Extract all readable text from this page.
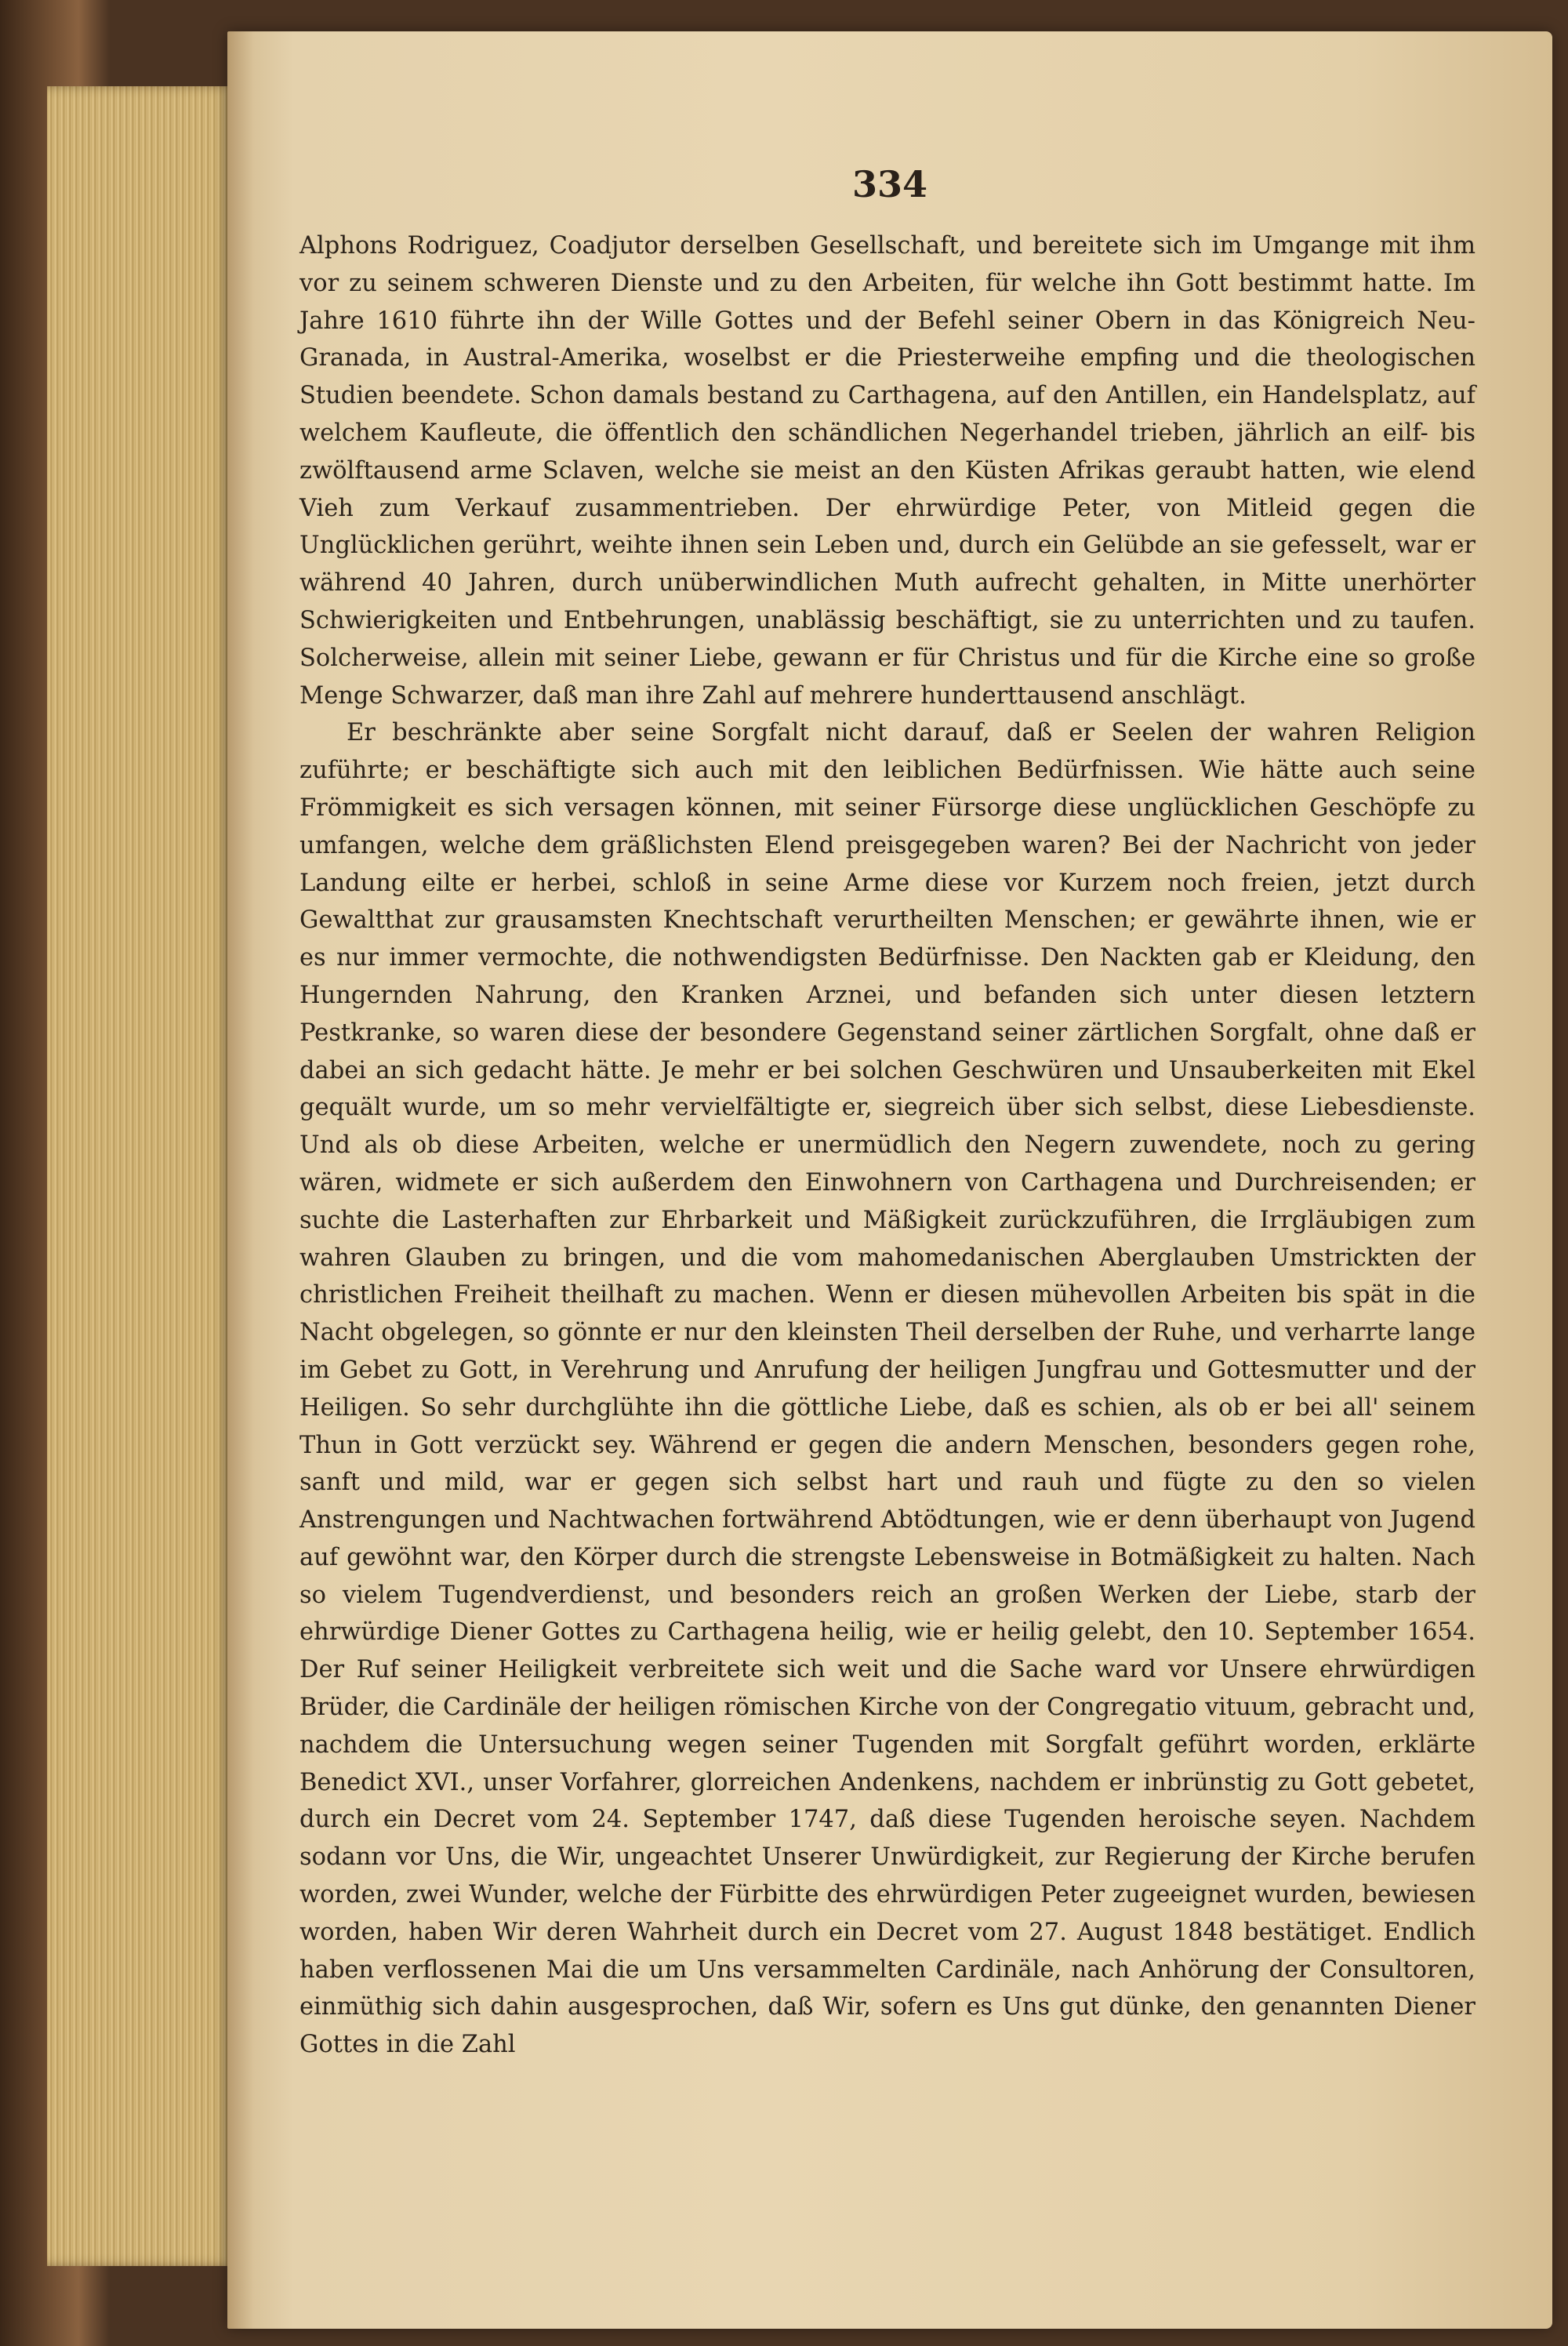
334

Alphons Rodriguez, Coadjutor derselben Gesellschaft, und bereitete sich im Umgange mit ihm vor zu seinem schweren Dienste und zu den Arbeiten, für welche ihn Gott bestimmt hatte. Im Jahre 1610 führte ihn der Wille Gottes und der Befehl seiner Obern in das Königreich Neu-Granada, in Austral-Amerika, woselbst er die Priesterweihe empfing und die theologischen Studien beendete. Schon damals bestand zu Carthagena, auf den Antillen, ein Handelsplatz, auf welchem Kaufleute, die öffentlich den schändlichen Negerhandel trieben, jährlich an eilf- bis zwölftausend arme Sclaven, welche sie meist an den Küsten Afrikas geraubt hatten, wie elend Vieh zum Verkauf zusammentrieben. Der ehrwürdige Peter, von Mitleid gegen die Unglücklichen gerührt, weihte ihnen sein Leben und, durch ein Gelübde an sie gefesselt, war er während 40 Jahren, durch unüberwindlichen Muth aufrecht gehalten, in Mitte unerhörter Schwierigkeiten und Entbehrungen, unablässig beschäftigt, sie zu unterrichten und zu taufen. Solcherweise, allein mit seiner Liebe, gewann er für Christus und für die Kirche eine so große Menge Schwarzer, daß man ihre Zahl auf mehrere hunderttausend anschlägt.

Er beschränkte aber seine Sorgfalt nicht darauf, daß er Seelen der wahren Religion zuführte; er beschäftigte sich auch mit den leiblichen Bedürfnissen. Wie hätte auch seine Frömmigkeit es sich versagen können, mit seiner Fürsorge diese unglücklichen Geschöpfe zu umfangen, welche dem gräßlichsten Elend preisgegeben waren? Bei der Nachricht von jeder Landung eilte er herbei, schloß in seine Arme diese vor Kurzem noch freien, jetzt durch Gewaltthat zur grausamsten Knechtschaft verurtheilten Menschen; er gewährte ihnen, wie er es nur immer vermochte, die nothwendigsten Bedürfnisse. Den Nackten gab er Kleidung, den Hungernden Nahrung, den Kranken Arznei, und befanden sich unter diesen letztern Pestkranke, so waren diese der besondere Gegenstand seiner zärtlichen Sorgfalt, ohne daß er dabei an sich gedacht hätte. Je mehr er bei solchen Geschwüren und Unsauberkeiten mit Ekel gequält wurde, um so mehr vervielfältigte er, siegreich über sich selbst, diese Liebesdienste. Und als ob diese Arbeiten, welche er unermüdlich den Negern zuwendete, noch zu gering wären, widmete er sich außerdem den Einwohnern von Carthagena und Durchreisenden; er suchte die Lasterhaften zur Ehrbarkeit und Mäßigkeit zurückzuführen, die Irrgläubigen zum wahren Glauben zu bringen, und die vom mahomedanischen Aberglauben Umstrickten der christlichen Freiheit theilhaft zu machen. Wenn er diesen mühevollen Arbeiten bis spät in die Nacht obgelegen, so gönnte er nur den kleinsten Theil derselben der Ruhe, und verharrte lange im Gebet zu Gott, in Verehrung und Anrufung der heiligen Jungfrau und Gottesmutter und der Heiligen. So sehr durchglühte ihn die göttliche Liebe, daß es schien, als ob er bei all' seinem Thun in Gott verzückt sey. Während er gegen die andern Menschen, besonders gegen rohe, sanft und mild, war er gegen sich selbst hart und rauh und fügte zu den so vielen Anstrengungen und Nachtwachen fortwährend Abtödtungen, wie er denn überhaupt von Jugend auf gewöhnt war, den Körper durch die strengste Lebensweise in Botmäßigkeit zu halten. Nach so vielem Tugendverdienst, und besonders reich an großen Werken der Liebe, starb der ehrwürdige Diener Gottes zu Carthagena heilig, wie er heilig gelebt, den 10. September 1654. Der Ruf seiner Heiligkeit verbreitete sich weit und die Sache ward vor Unsere ehrwürdigen Brüder, die Cardinäle der heiligen römischen Kirche von der Congregatio vituum, gebracht und, nachdem die Untersuchung wegen seiner Tugenden mit Sorgfalt geführt worden, erklärte Benedict XVI., unser Vorfahrer, glorreichen Andenkens, nachdem er inbrünstig zu Gott gebetet, durch ein Decret vom 24. September 1747, daß diese Tugenden heroische seyen. Nachdem sodann vor Uns, die Wir, ungeachtet Unserer Unwürdigkeit, zur Regierung der Kirche berufen worden, zwei Wunder, welche der Fürbitte des ehrwürdigen Peter zugeeignet wurden, bewiesen worden, haben Wir deren Wahrheit durch ein Decret vom 27. August 1848 bestätiget. Endlich haben verflossenen Mai die um Uns versammelten Cardinäle, nach Anhörung der Consultoren, einmüthig sich dahin ausgesprochen, daß Wir, sofern es Uns gut dünke, den genannten Diener Gottes in die Zahl
